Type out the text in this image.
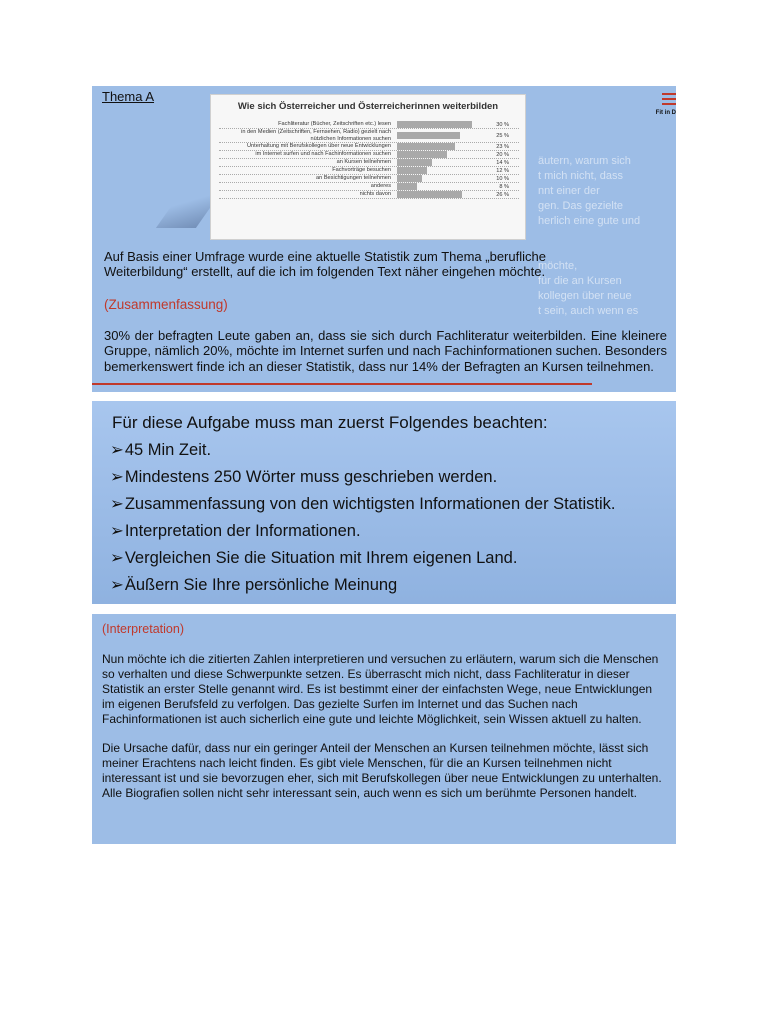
Thema A
Fit in D
äutern, warum sich
t mich nicht, dass
nnt einer der
gen. Das gezielte
herlich eine gute und

möchte,
für die an Kursen
kollegen über neue
t sein, auch wenn es
Wie sich Österreicher und Österreicherinnen weiterbilden
Fachliteratur (Bücher, Zeitschriften etc.) lesen	30 %
in den Medien (Zeitschriften, Fernsehen, Radio) gezielt nach nützlichen Informationen suchen	25 %
Unterhaltung mit Berufskollegen über neue Entwicklungen	23 %
im Internet surfen und nach Fachinformationen suchen	20 %
an Kursen teilnehmen	14 %
Fachvorträge besuchen	12 %
an Besichtigungen teilnehmen	10 %
anderes	8 %
nichts davon	26 %
Auf Basis einer Umfrage wurde eine aktuelle Statistik zum Thema „berufliche Weiterbildung“ erstellt, auf die ich im folgenden Text näher eingehen möchte.
(Zusammenfassung)
30% der befragten Leute gaben an, dass sie sich durch Fachliteratur weiterbilden. Eine kleinere Gruppe, nämlich 20%, möchte im Internet surfen und nach Fachinformationen suchen. Besonders bemerkenswert finde ich an dieser Statistik, dass nur 14% der Befragten an Kursen teilnehmen.
Für diese Aufgabe muss man zuerst Folgendes beachten:
➢45 Min Zeit.
➢Mindestens 250 Wörter muss geschrieben werden.
➢Zusammenfassung von den wichtigsten Informationen der Statistik.
➢Interpretation der Informationen.
➢Vergleichen Sie die Situation mit Ihrem eigenen Land.
➢Äußern Sie Ihre persönliche Meinung
(Interpretation)

Nun möchte ich die zitierten Zahlen interpretieren und versuchen zu erläutern, warum sich die Menschen so verhalten und diese Schwerpunkte setzen. Es überrascht mich nicht, dass Fachliteratur in dieser Statistik an erster Stelle genannt wird. Es ist bestimmt einer der einfachsten Wege, neue Entwicklungen im eigenen Berufsfeld zu verfolgen. Das gezielte Surfen im Internet und das Suchen nach Fachinformationen ist auch sicherlich eine gute und leichte Möglichkeit, sein Wissen aktuell zu halten.

Die Ursache dafür, dass nur ein geringer Anteil der Menschen an Kursen teilnehmen möchte, lässt sich meiner Erachtens nach leicht finden. Es gibt viele Menschen, für die an Kursen teilnehmen nicht interessant ist und sie bevorzugen eher, sich mit Berufskollegen über neue Entwicklungen zu unterhalten. Alle Biografien sollen nicht sehr interessant sein, auch wenn es sich um berühmte Personen handelt.
